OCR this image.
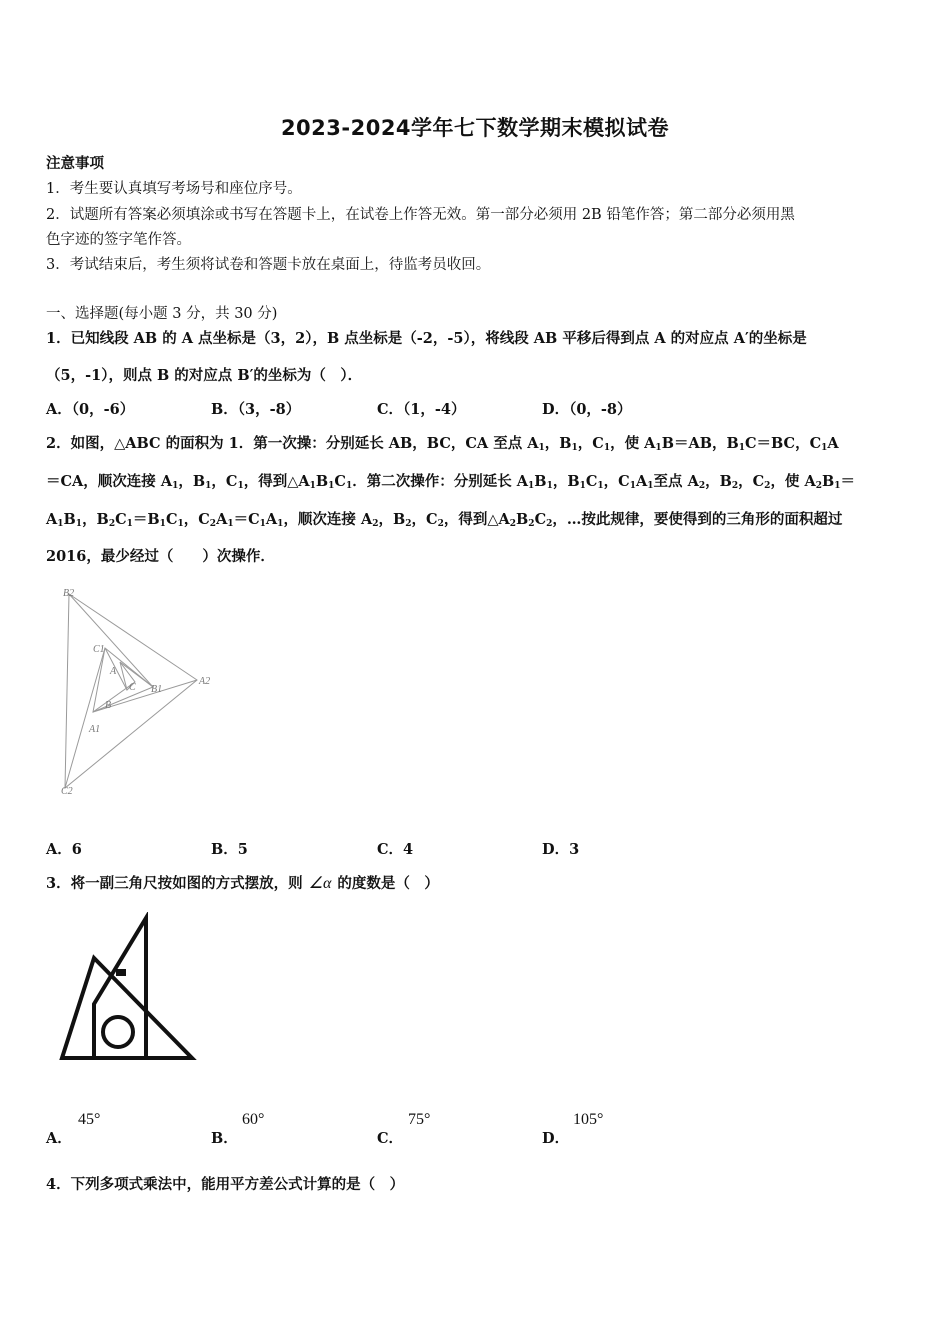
2023-2024学年七下数学期末模拟试卷
注意事项
1．考生要认真填写考场号和座位序号。
2．试题所有答案必须填涂或书写在答题卡上，在试卷上作答无效。第一部分必须用 2B 铅笔作答；第二部分必须用黑
色字迹的签字笔作答。
3．考试结束后，考生须将试卷和答题卡放在桌面上，待监考员收回。
一、选择题(每小题 3 分，共 30 分)
1．已知线段 AB 的 A 点坐标是（3，2），B 点坐标是（-2，-5），将线段 AB 平移后得到点 A 的对应点 A′的坐标是
（5，-1），则点 B 的对应点 B′的坐标为（　）．
A．（0，-6）	B．（3，-8）	C．（1，-4）	D．（0，-8）
2．如图，△ABC 的面积为 1．第一次操：分别延长 AB，BC，CA 至点 $A_1$，$B_1$，$C_1$，使 $A_1B=AB$，$B_1C=BC$，$C_1A$
＝CA，顺次连接 $A_1$，$B_1$，$C_1$，得到$\triangle A_1B_1C_1$．第二次操作：分别延长 $A_1B_1$，$B_1C_1$，$C_1A_1$至点 $A_2$，$B_2$，$C_2$，使 $A_2B_1=$
$A_1B_1$，$B_2C_1=B_1C_1$，$C_2A_1=C_1A_1$，顺次连接 $A_2$，$B_2$，$C_2$，得到$\triangle A_2B_2C_2$，…按此规律，要使得到的三角形的面积超过
2016，最少经过（　　）次操作．
B2
C1
A
C B1
A2
B
A1
C2
A．6	B．5	C．4	D．3
3．将一副三角尺按如图的方式摆放，则 ∠α 的度数是（　）
A．
45°
B．
60°
C．
75°
D．
105°
4．下列多项式乘法中，能用平方差公式计算的是（　）
